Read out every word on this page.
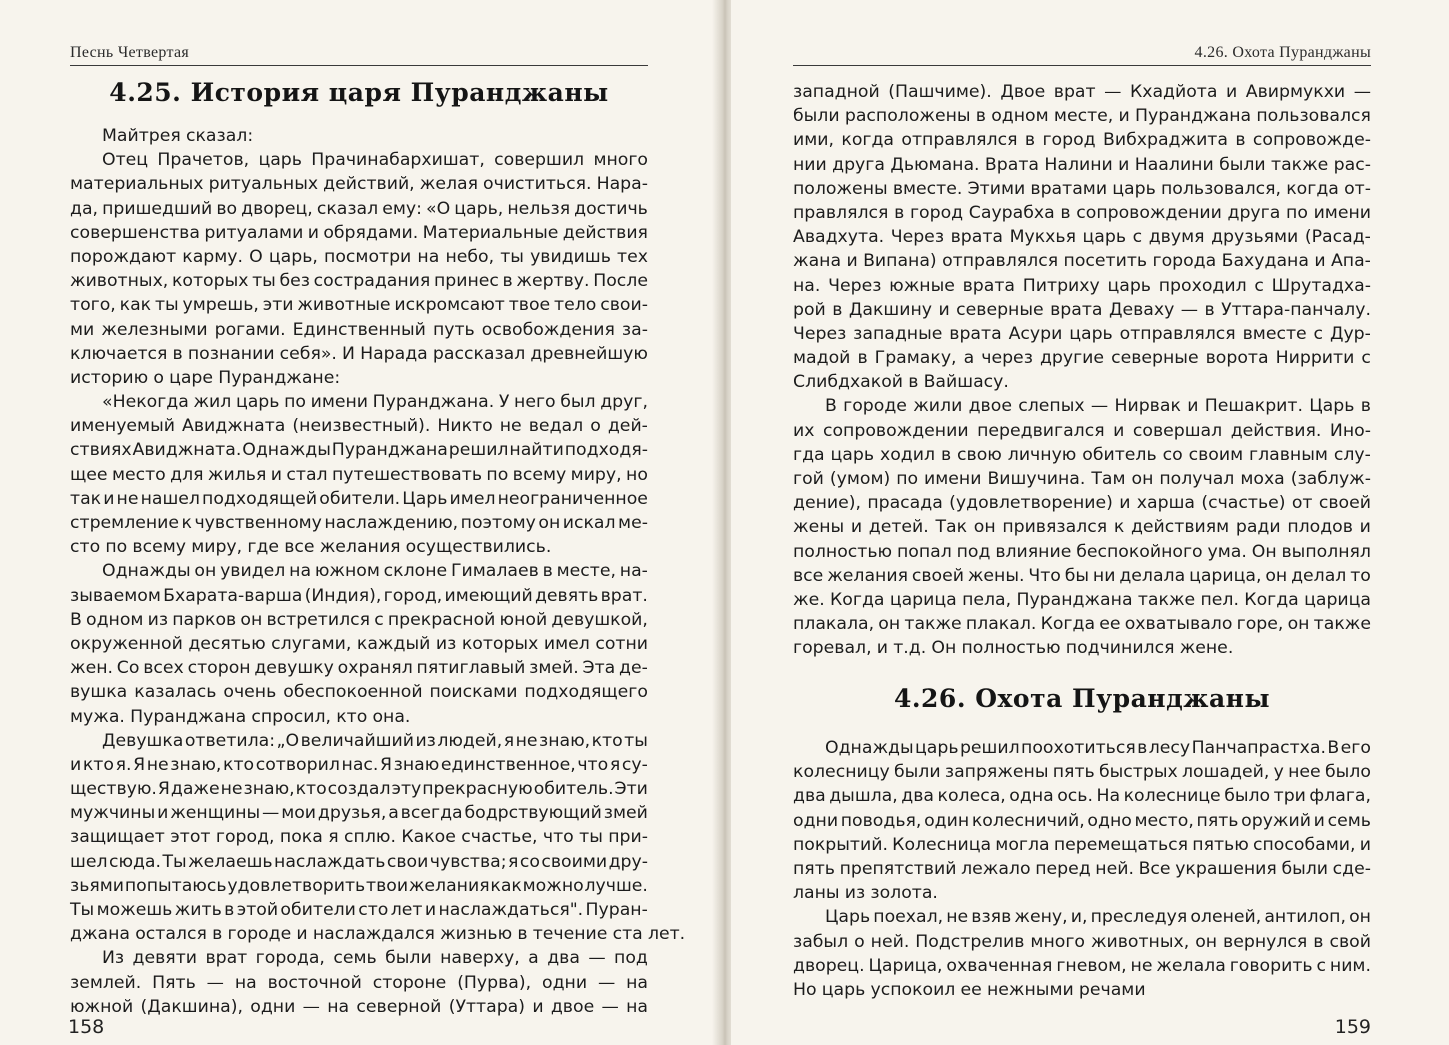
Песнь Четвертая
4.25. История царя Пуранджаны
Майтрея сказал:
Отец Прачетов, царь Прачинабархишат, совершил много
материальных ритуальных действий, желая очиститься. Нара-
да, пришедший во дворец, сказал ему: «О царь, нельзя достичь
совершенства ритуалами и обрядами. Материальные действия
порождают карму. О царь, посмотри на небо, ты увидишь тех
животных, которых ты без сострадания принес в жертву. После
того, как ты умрешь, эти животные искромсают твое тело свои-
ми железными рогами. Единственный путь освобождения за-
ключается в познании себя». И Нарада рассказал древнейшую
историю о царе Пуранджане:
«Некогда жил царь по имени Пуранджана. У него был друг,
именуемый Авиджната (неизвестный). Никто не ведал о дей-
ствиях Авиджната. Однажды Пуранджана решил найти подходя-
щее место для жилья и стал путешествовать по всему миру, но
так и не нашел подходящей обители. Царь имел неограниченное
стремление к чувственному наслаждению, поэтому он искал ме-
сто по всему миру, где все желания осуществились.
Однажды он увидел на южном склоне Гималаев в месте, на-
зываемом Бхарата-варша (Индия), город, имеющий девять врат.
В одном из парков он встретился с прекрасной юной девушкой,
окруженной десятью слугами, каждый из которых имел сотни
жен. Со всех сторон девушку охранял пятиглавый змей. Эта де-
вушка казалась очень обеспокоенной поисками подходящего
мужа. Пуранджана спросил, кто она.
Девушка ответила: „О величайший из людей, я не знаю, кто ты
и кто я. Я не знаю, кто сотворил нас. Я знаю единственное, что я су-
ществую. Я даже не знаю, кто создал эту прекрасную обитель. Эти
мужчины и женщины — мои друзья, а всегда бодрствующий змей
защищает этот город, пока я сплю. Какое счастье, что ты при-
шел сюда. Ты желаешь наслаждать свои чувства; я со своими дру-
зьями попытаюсь удовлетворить твои желания как можно лучше.
Ты можешь жить в этой обители сто лет и наслаждаться". Пуран-
джана остался в городе и наслаждался жизнью в течение ста лет.
Из девяти врат города, семь были наверху, а два — под
землей. Пять — на восточной стороне (Пурва), одни — на
южной (Дакшина), одни — на северной (Уттара) и двое — на
158
4.26. Охота Пуранджаны
западной (Пашчиме). Двое врат — Кхадйота и Авирмукхи —
были расположены в одном месте, и Пуранджана пользовался
ими, когда отправлялся в город Вибхраджита в сопровожде-
нии друга Дьюмана. Врата Налини и Наалини были также рас-
положены вместе. Этими вратами царь пользовался, когда от-
правлялся в город Саурабха в сопровождении друга по имени
Авадхута. Через врата Мукхья царь с двумя друзьями (Расад-
жана и Випана) отправлялся посетить города Бахудана и Апа-
на. Через южные врата Питриху царь проходил с Шрутадха-
рой в Дакшину и северные врата Деваху — в Уттара-панчалу.
Через западные врата Асури царь отправлялся вместе с Дур-
мадой в Грамаку, а через другие северные ворота Ниррити с
Слибдхакой в Вайшасу.
В городе жили двое слепых — Нирвак и Пешакрит. Царь в
их сопровождении передвигался и совершал действия. Ино-
гда царь ходил в свою личную обитель со своим главным слу-
гой (умом) по имени Вишучина. Там он получал моха (заблуж-
дение), прасада (удовлетворение) и харша (счастье) от своей
жены и детей. Так он привязался к действиям ради плодов и
полностью попал под влияние беспокойного ума. Он выполнял
все желания своей жены. Что бы ни делала царица, он делал то
же. Когда царица пела, Пуранджана также пел. Когда царица
плакала, он также плакал. Когда ее охватывало горе, он также
горевал, и т.д. Он полностью подчинился жене.
4.26. Охота Пуранджаны
Однажды царь решил поохотиться в лесу Панчапрастха. В его
колесницу были запряжены пять быстрых лошадей, у нее было
два дышла, два колеса, одна ось. На колеснице было три флага,
одни поводья, один колесничий, одно место, пять оружий и семь
покрытий. Колесница могла перемещаться пятью способами, и
пять препятствий лежало перед ней. Все украшения были сде-
ланы из золота.
Царь поехал, не взяв жену, и, преследуя оленей, антилоп, он
забыл о ней. Подстрелив много животных, он вернулся в свой
дворец. Царица, охваченная гневом, не желала говорить с ним.
Но царь успокоил ее нежными речами
159
